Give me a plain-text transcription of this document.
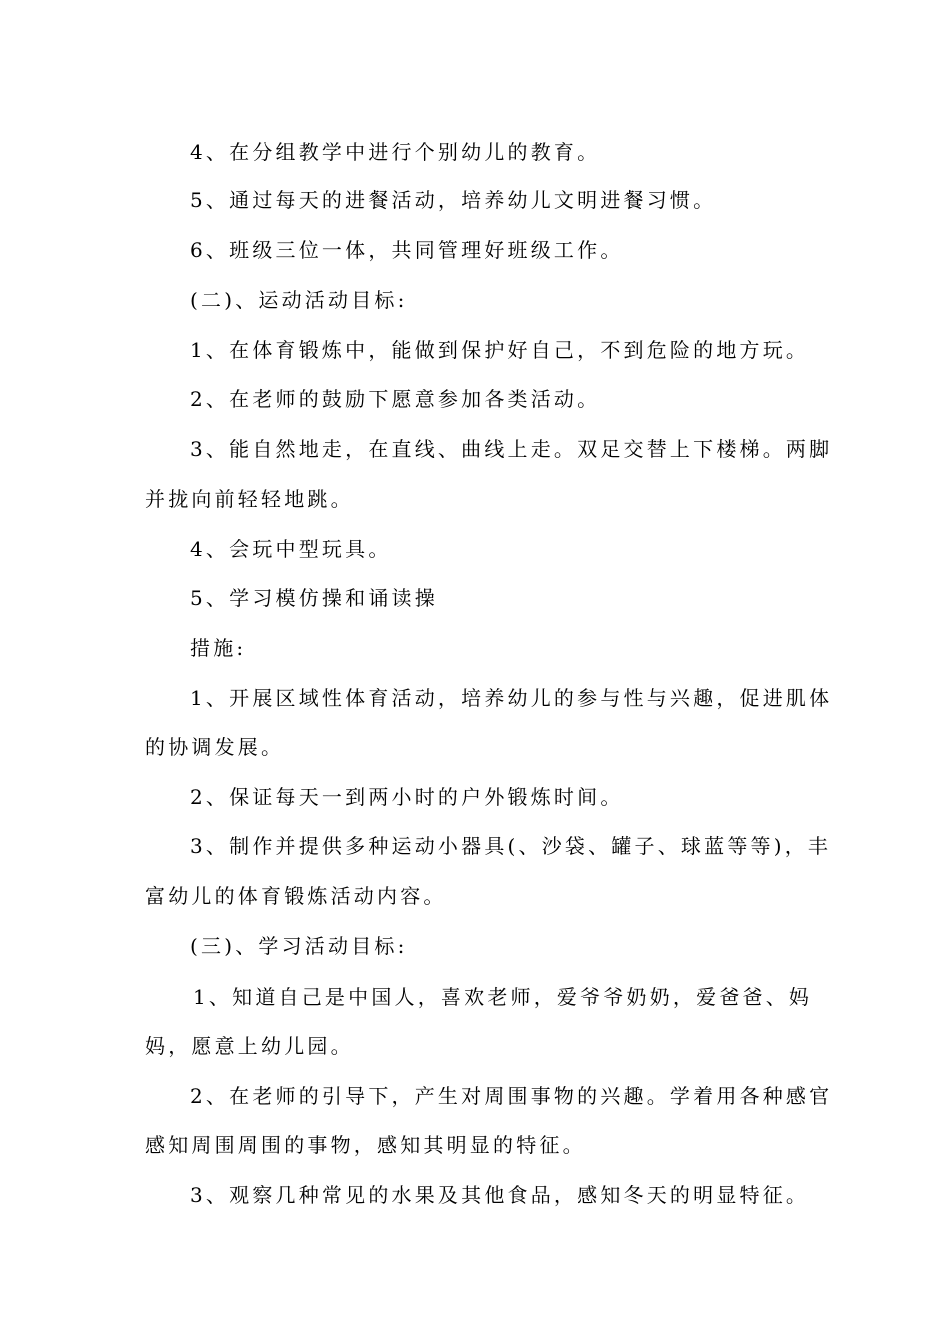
4、在分组教学中进行个别幼儿的教育。
5、通过每天的进餐活动，培养幼儿文明进餐习惯。
6、班级三位一体，共同管理好班级工作。
(二)、运动活动目标:
1、在体育锻炼中，能做到保护好自己，不到危险的地方玩。
2、在老师的鼓励下愿意参加各类活动。
3、能自然地走，在直线、曲线上走。双足交替上下楼梯。两脚
并拢向前轻轻地跳。
4、会玩中型玩具。
5、学习模仿操和诵读操
措施:
1、开展区域性体育活动，培养幼儿的参与性与兴趣，促进肌体
的协调发展。
2、保证每天一到两小时的户外锻炼时间。
3、制作并提供多种运动小器具(、沙袋、罐子、球蓝等等)，丰
富幼儿的体育锻炼活动内容。
(三)、学习活动目标:
1、知道自己是中国人，喜欢老师，爱爷爷奶奶，爱爸爸、妈
妈，愿意上幼儿园。
2、在老师的引导下，产生对周围事物的兴趣。学着用各种感官
感知周围周围的事物，感知其明显的特征。
3、观察几种常见的水果及其他食品，感知冬天的明显特征。
